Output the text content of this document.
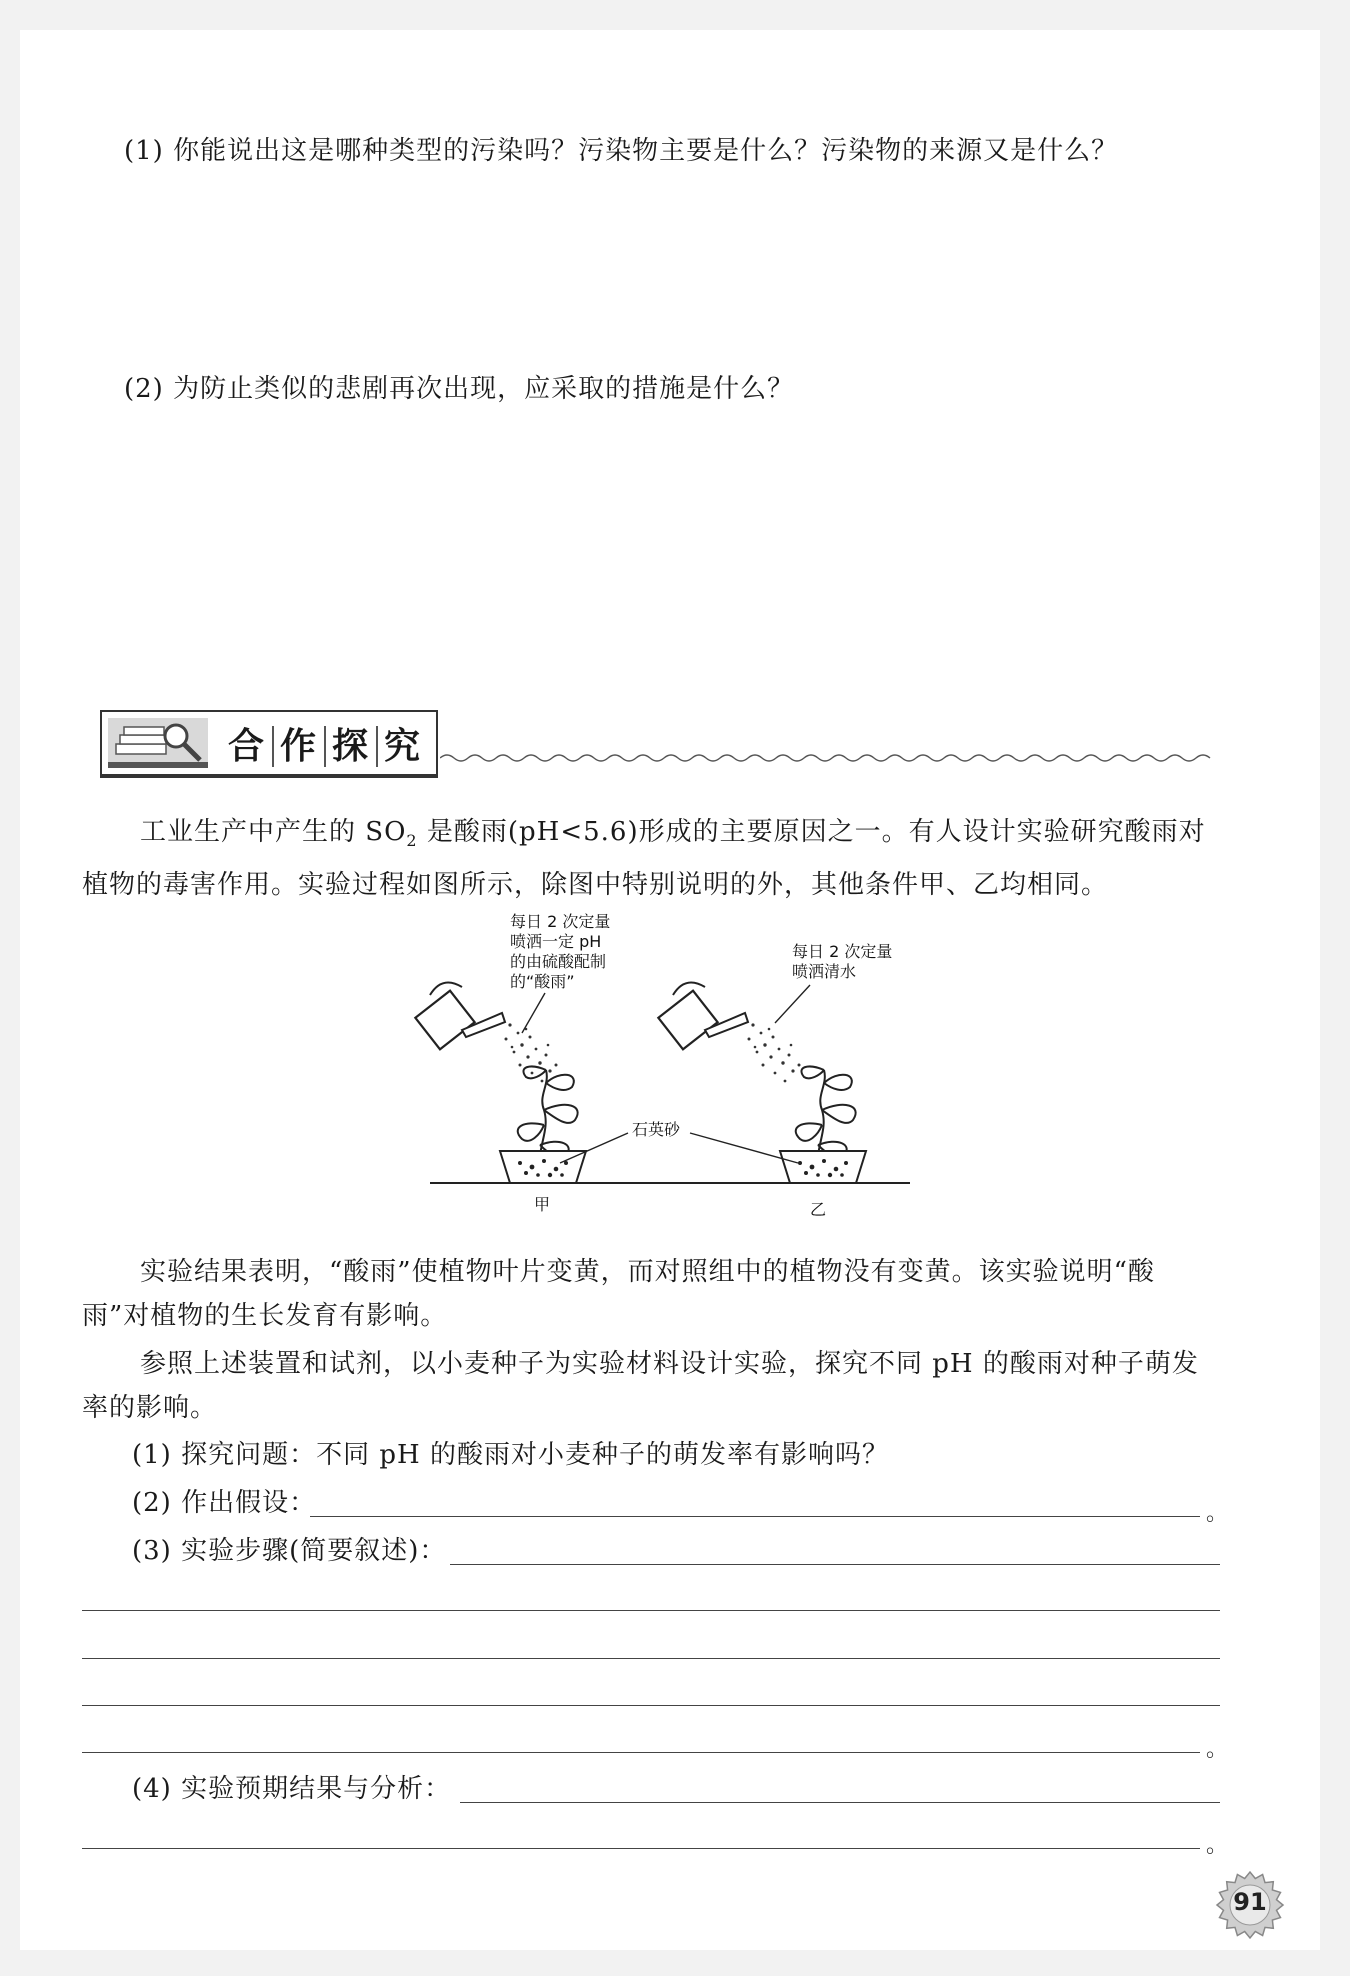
(1) 你能说出这是哪种类型的污染吗？污染物主要是什么？污染物的来源又是什么？
(2) 为防止类似的悲剧再次出现，应采取的措施是什么？
合 作 探 究
工业生产中产生的 $SO_2$ 是酸雨(pH<5.6)形成的主要原因之一。有人设计实验研究酸雨对植物的毒害作用。实验过程如图所示，除图中特别说明的外，其他条件甲、乙均相同。
每日 2 次定量
喷洒一定 pH
的由硫酸配制
的“酸雨”
每日 2 次定量
喷洒清水
石英砂
甲	乙
实验结果表明，“酸雨”使植物叶片变黄，而对照组中的植物没有变黄。该实验说明“酸雨”对植物的生长发育有影响。
参照上述装置和试剂，以小麦种子为实验材料设计实验，探究不同 pH 的酸雨对种子萌发率的影响。
(1) 探究问题：不同 pH 的酸雨对小麦种子的萌发率有影响吗？
(2) 作出假设：	。
(3) 实验步骤(简要叙述)：
。
(4) 实验预期结果与分析：
。
91
